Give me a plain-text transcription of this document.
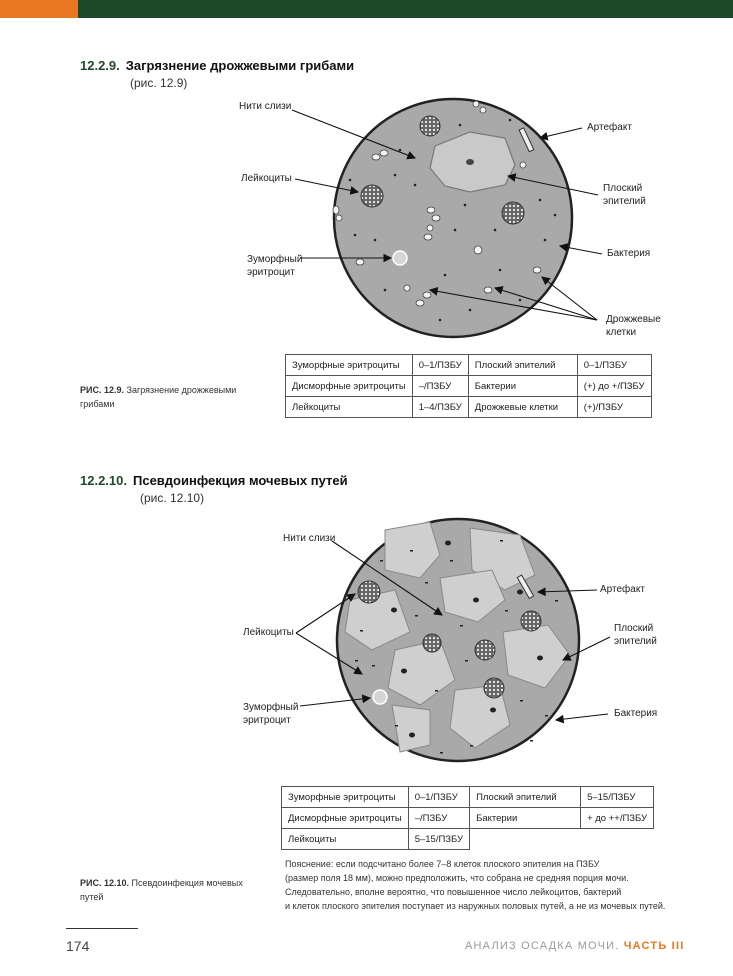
12.2.9. Загрязнение дрожжевыми грибами
(рис. 12.9)
Нити слизи
Лейкоциты
Зуморфный
эритроцит
Артефакт
Плоский
эпителий
Бактерия
Дрожжевые
клетки
РИС. 12.9. Загрязнение дрожжевыми грибами
Зуморфные эритроциты	0–1/ПЗБУ	Плоский эпителий	0–1/ПЗБУ
Дисморфные эритроциты	–/ПЗБУ	Бактерии	(+) до +/ПЗБУ
Лейкоциты	1–4/ПЗБУ	Дрожжевые клетки	(+)/ПЗБУ
12.2.10. Псевдоинфекция мочевых путей
(рис. 12.10)
Нити слизи
Лейкоциты
Зуморфный
эритроцит
Артефакт
Плоский
эпителий
Бактерия
Зуморфные эритроциты	0–1/ПЗБУ	Плоский эпителий	5–15/ПЗБУ
Дисморфные эритроциты	–/ПЗБУ	Бактерии	+ до ++/ПЗБУ
Лейкоциты	5–15/ПЗБУ		
Пояснение: если подсчитано более 7–8 клеток плоского эпителия на ПЗБУ
(размер поля 18 мм), можно предположить, что собрана не средняя порция мочи.
Следовательно, вполне вероятно, что повышенное число лейкоцитов, бактерий
и клеток плоского эпителия поступает из наружных половых путей, а не из мочевых путей.
РИС. 12.10. Псевдоинфекция мочевых путей
174	АНАЛИЗ ОСАДКА МОЧИ. ЧАСТЬ III
